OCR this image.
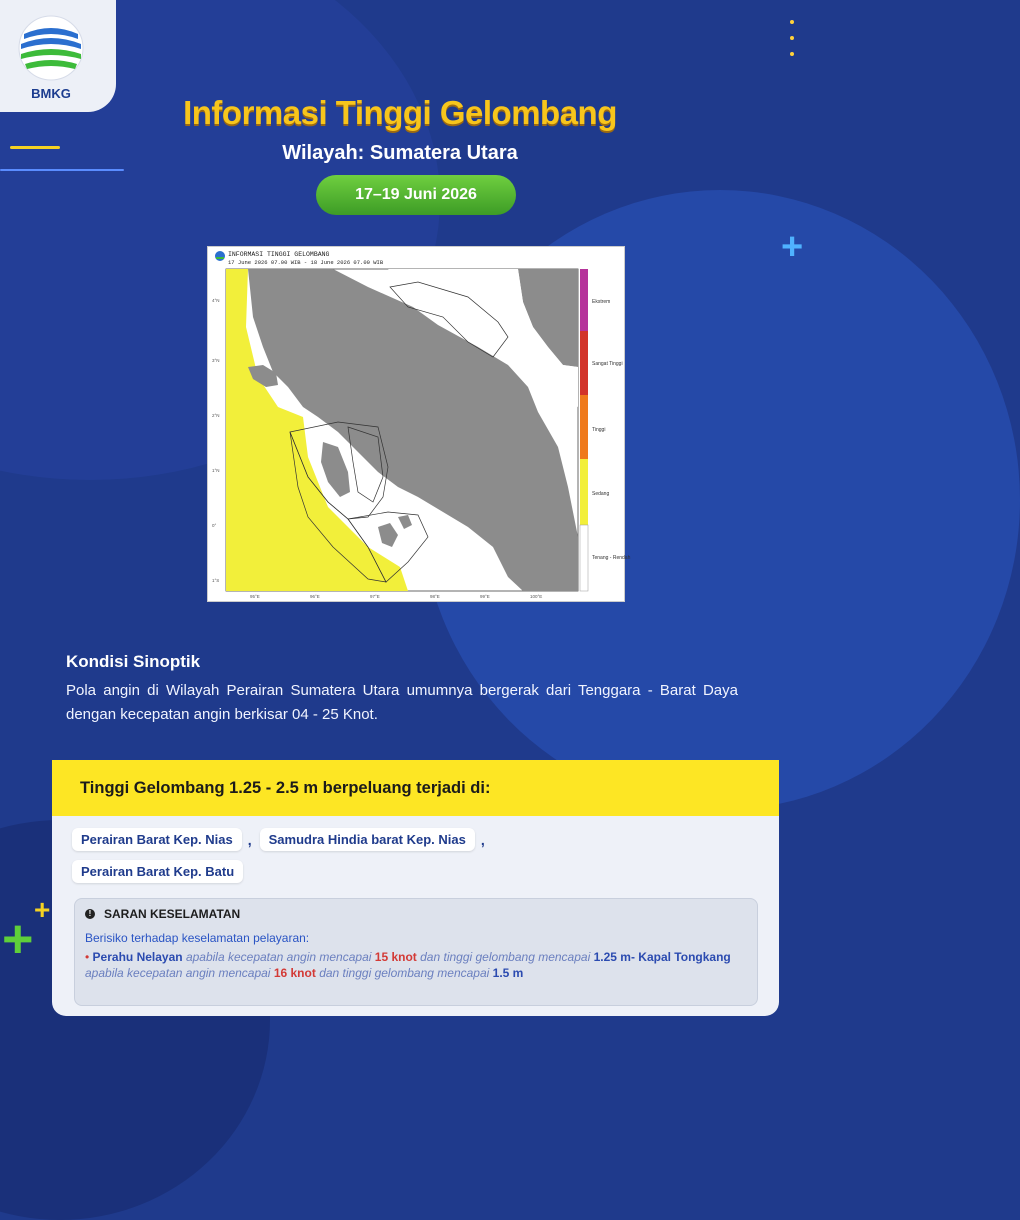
BMKG
+
+ +
Informasi Tinggi Gelombang
Wilayah: Sumatera Utara
17–19 Juni 2026
INFORMASI TINGGI GELOMBANG
17 June 2026 07.00 WIB - 18 June 2026 07.00 WIB
4°N
3°N
2°N
1°N
0°
1°S
95°E	96°E	97°E	98°E	99°E	100°E
Ekstrem
Sangat Tinggi
Tinggi
Sedang
Tenang - Rendah
Kondisi Sinoptik
Pola angin di Wilayah Perairan Sumatera Utara umumnya bergerak dari Tenggara - Barat Daya dengan kecepatan angin berkisar 04 - 25 Knot.
Tinggi Gelombang 1.25 - 2.5 m berpeluang terjadi di:
Perairan Barat Kep. Nias	,	Samudra Hindia barat Kep. Nias	,
Perairan Barat Kep. Batu
!	SARAN KESELAMATAN
Berisiko terhadap keselamatan pelayaran:
• Perahu Nelayan apabila kecepatan angin mencapai 15 knot dan tinggi gelombang mencapai 1.25 m- Kapal Tongkang apabila kecepatan angin mencapai 16 knot dan tinggi gelombang mencapai 1.5 m
